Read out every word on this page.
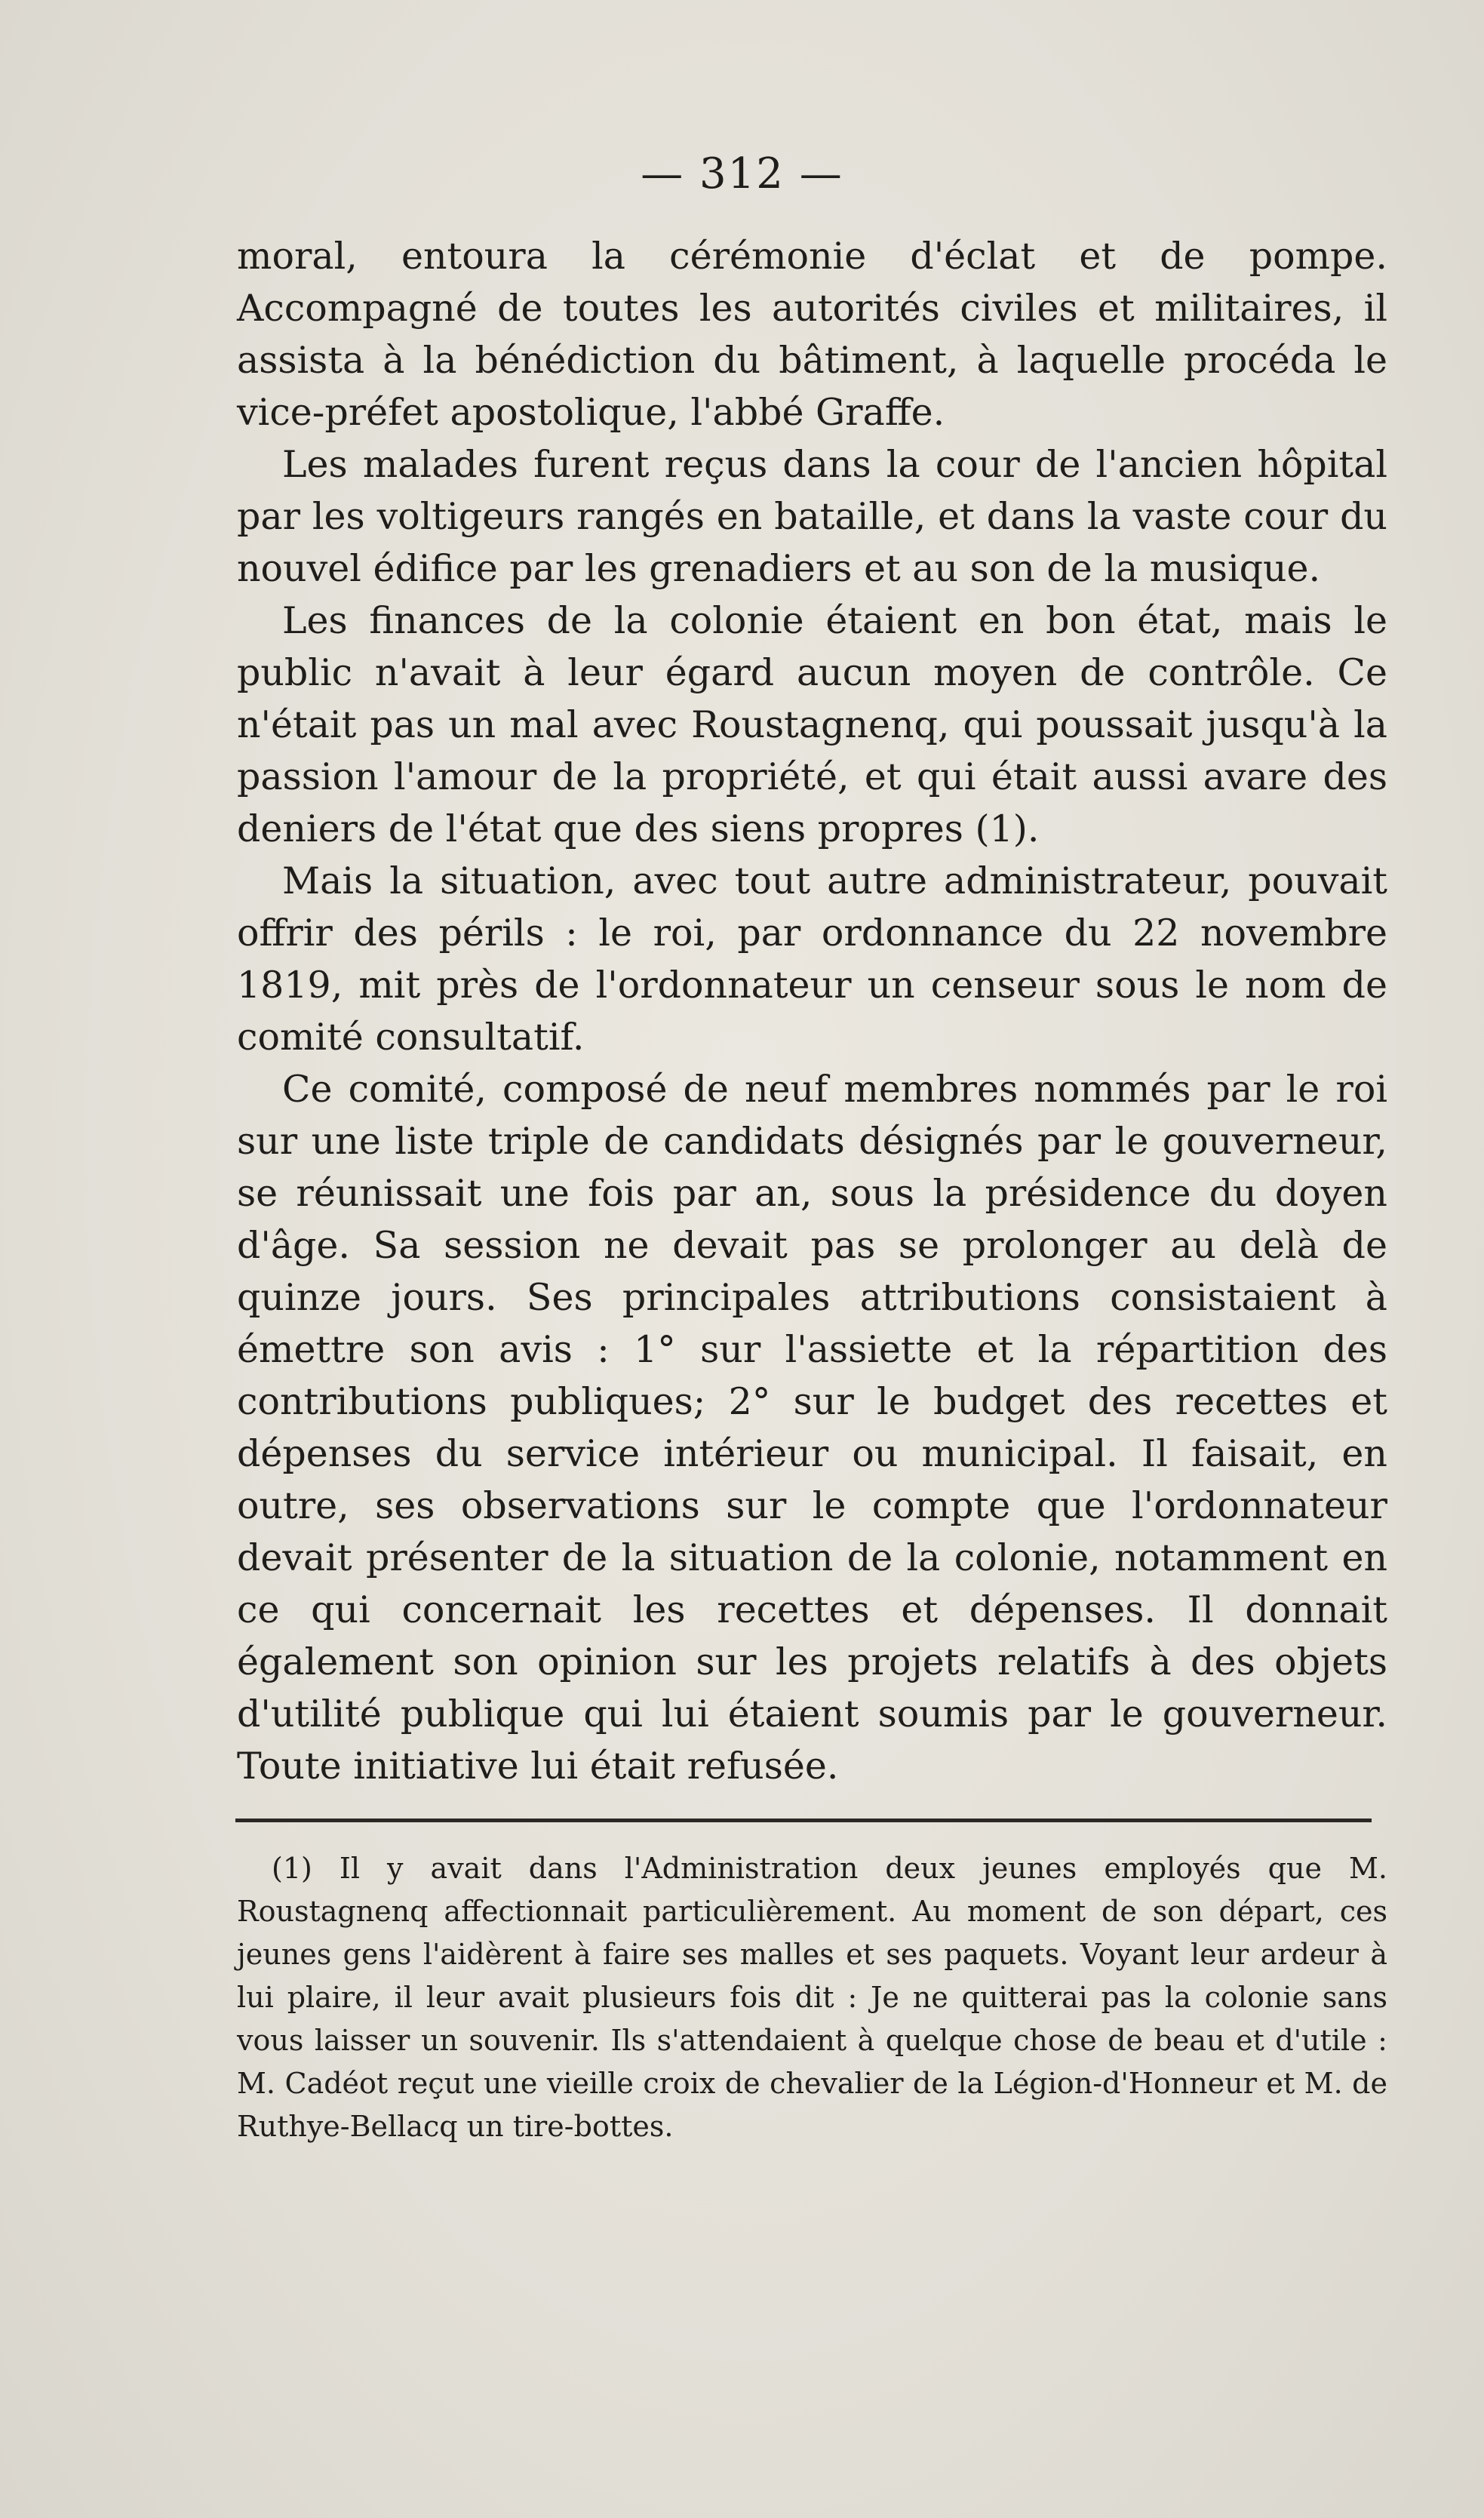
— 312 —

moral, entoura la cérémonie d'éclat et de pompe. Accompagné de toutes les autorités civiles et militaires, il assista à la bénédiction du bâtiment, à laquelle procéda le vice-préfet apostolique, l'abbé Graffe.

Les malades furent reçus dans la cour de l'ancien hôpital par les voltigeurs rangés en bataille, et dans la vaste cour du nouvel édifice par les grenadiers et au son de la musique.

Les finances de la colonie étaient en bon état, mais le public n'avait à leur égard aucun moyen de contrôle. Ce n'était pas un mal avec Roustagnenq, qui poussait jusqu'à la passion l'amour de la propriété, et qui était aussi avare des deniers de l'état que des siens propres (1).

Mais la situation, avec tout autre administrateur, pouvait offrir des périls : le roi, par ordonnance du 22 novembre 1819, mit près de l'ordonnateur un censeur sous le nom de comité consultatif.

Ce comité, composé de neuf membres nommés par le roi sur une liste triple de candidats désignés par le gouverneur, se réunissait une fois par an, sous la présidence du doyen d'âge. Sa session ne devait pas se prolonger au delà de quinze jours. Ses principales attributions consistaient à émettre son avis : 1° sur l'assiette et la répartition des contributions publiques; 2° sur le budget des recettes et dépenses du service intérieur ou municipal. Il faisait, en outre, ses observations sur le compte que l'ordonnateur devait présenter de la situation de la colonie, notamment en ce qui concernait les recettes et dépenses. Il donnait également son opinion sur les projets relatifs à des objets d'utilité publique qui lui étaient soumis par le gouverneur. Toute initiative lui était refusée.

(1) Il y avait dans l'Administration deux jeunes employés que M. Roustagnenq affectionnait particulièrement. Au moment de son départ, ces jeunes gens l'aidèrent à faire ses malles et ses paquets. Voyant leur ardeur à lui plaire, il leur avait plusieurs fois dit : Je ne quitterai pas la colonie sans vous laisser un souvenir. Ils s'attendaient à quelque chose de beau et d'utile : M. Cadéot reçut une vieille croix de chevalier de la Légion-d'Honneur et M. de Ruthye-Bellacq un tire-bottes.
